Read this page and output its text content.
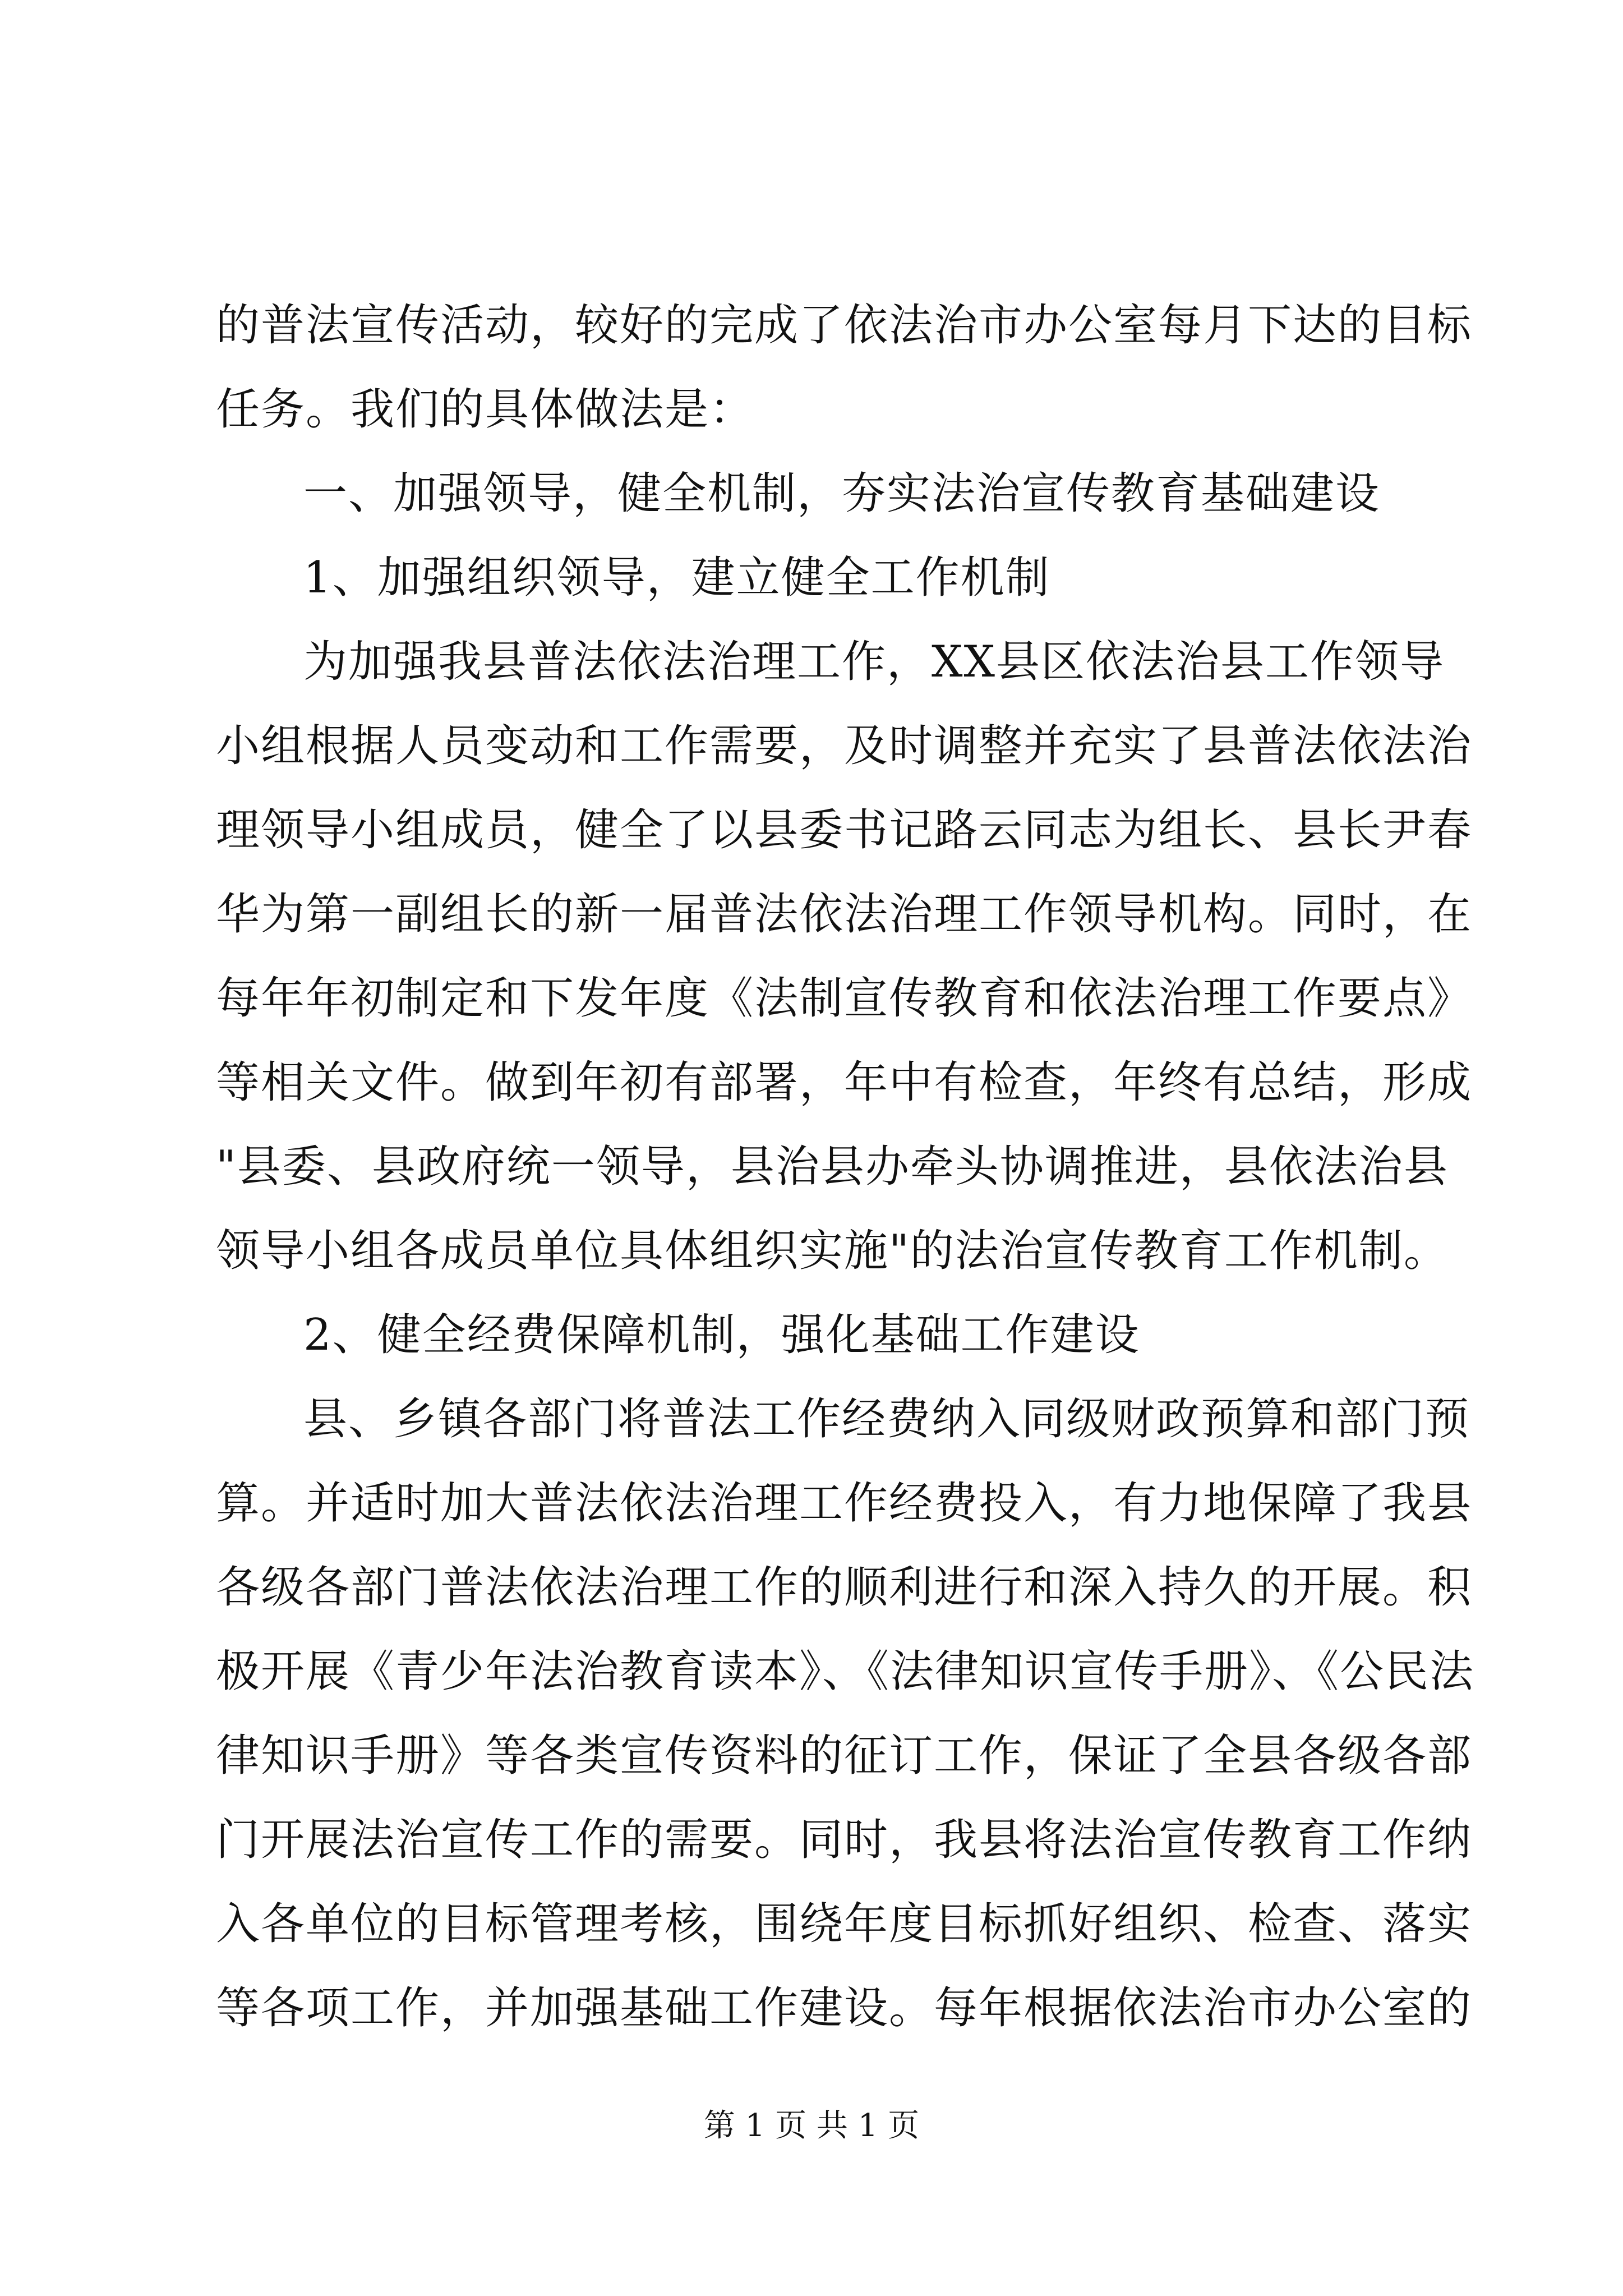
的普法宣传活动，较好的完成了依法治市办公室每月下达的目标
任务。我们的具体做法是：
一、加强领导，健全机制，夯实法治宣传教育基础建设
1、加强组织领导，建立健全工作机制
为加强我县普法依法治理工作，XX县区依法治县工作领导
小组根据人员变动和工作需要，及时调整并充实了县普法依法治
理领导小组成员，健全了以县委书记路云同志为组长、县长尹春
华为第一副组长的新一届普法依法治理工作领导机构。同时，在
每年年初制定和下发年度《法制宣传教育和依法治理工作要点》
等相关文件。做到年初有部署，年中有检查，年终有总结，形成
"县委、县政府统一领导，县治县办牵头协调推进，县依法治县
领导小组各成员单位具体组织实施"的法治宣传教育工作机制。
2、健全经费保障机制，强化基础工作建设
县、乡镇各部门将普法工作经费纳入同级财政预算和部门预
算。并适时加大普法依法治理工作经费投入，有力地保障了我县
各级各部门普法依法治理工作的顺利进行和深入持久的开展。积
极开展《青少年法治教育读本》、《法律知识宣传手册》、《公民法
律知识手册》等各类宣传资料的征订工作，保证了全县各级各部
门开展法治宣传工作的需要。同时，我县将法治宣传教育工作纳
入各单位的目标管理考核，围绕年度目标抓好组织、检查、落实
等各项工作，并加强基础工作建设。每年根据依法治市办公室的
第 1 页 共 1 页
